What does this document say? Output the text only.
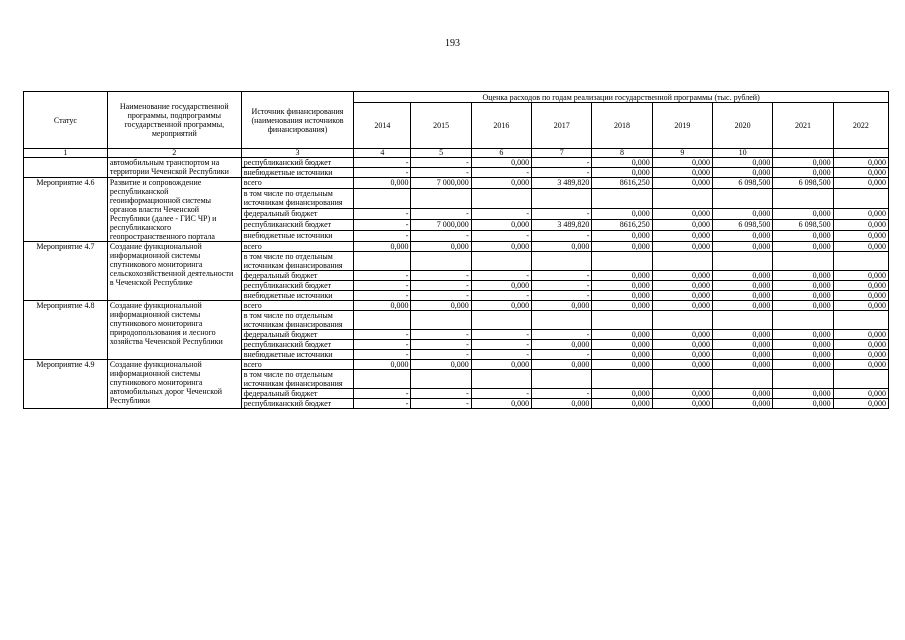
193
Статус	Наименование государственной программы, подпрограммы государственной программы, мероприятий	Источник финансирования (наименования источников финансирования)	Оценка расходов по годам реализации государственной программы (тыс. рублей)								
			2014	2015	2016	2017	2018	2019	2020	2021	2022
1	2	3	4	5	6	7	8	9	10		
	автомобильным транспортом на территории Чеченской Республики	республиканский бюджет	-	-	0,000	-	0,000	0,000	0,000	0,000	0,000
		внебюджетные источники	-	-	-	-	0,000	0,000	0,000	0,000	0,000
Мероприятие 4.6	Развитие и сопровождение республиканской геоинформационной системы органов власти Чеченской Республики (далее - ГИС ЧР) и республиканского геопространственного портала	всего	0,000	7 000,000	0,000	3 489,820	8616,250	0,000	6 098,500	6 098,500	0,000
		в том числе по отдельным источникам финансирования									
		федеральный бюджет	-	-	-	-	0,000	0,000	0,000	0,000	0,000
		республиканский бюджет	-	7 000,000	0,000	3 489,820	8616,250	0,000	6 098,500	6 098,500	0,000
		внебюджетные источники	-	-	-	-	0,000	0,000	0,000	0,000	0,000
Мероприятие 4.7	Создание функциональной информационной системы спутникового мониторинга сельскохозяйственной деятельности в Чеченской Республике	всего	0,000	0,000	0,000	0,000	0,000	0,000	0,000	0,000	0,000
		в том числе по отдельным источникам финансирования									
		федеральный бюджет	-	-	-	-	0,000	0,000	0,000	0,000	0,000
		республиканский бюджет	-	-	0,000	-	0,000	0,000	0,000	0,000	0,000
		внебюджетные источники	-	-	-	-	0,000	0,000	0,000	0,000	0,000
Мероприятие 4.8	Создание функциональной информационной системы спутникового мониторинга природопользования и лесного хозяйства Чеченской Республики	всего	0,000	0,000	0,000	0,000	0,000	0,000	0,000	0,000	0,000
		в том числе по отдельным источникам финансирования									
		федеральный бюджет	-	-	-	-	0,000	0,000	0,000	0,000	0,000
		республиканский бюджет	-	-	-	0,000	0,000	0,000	0,000	0,000	0,000
		внебюджетные источники	-	-	-	-	0,000	0,000	0,000	0,000	0,000
Мероприятие 4.9	Создание функциональной информационной системы спутникового мониторинга автомобильных дорог Чеченской Республики	всего	0,000	0,000	0,000	0,000	0,000	0,000	0,000	0,000	0,000
		в том числе по отдельным источникам финансирования									
		федеральный бюджет	-	-	-	-	0,000	0,000	0,000	0,000	0,000
		республиканский бюджет	-	-	0,000	0,000	0,000	0,000	0,000	0,000	0,000
